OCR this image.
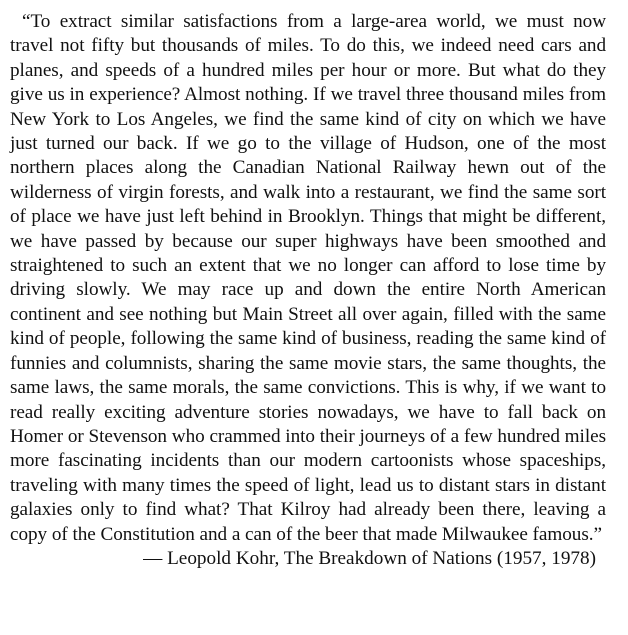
“To extract similar satisfactions from a large-area world, we must now travel not fifty but thousands of miles. To do this, we indeed need cars and planes, and speeds of a hundred miles per hour or more. But what do they give us in experience? Almost nothing. If we travel three thousand miles from New York to Los Angeles, we find the same kind of city on which we have just turned our back. If we go to the village of Hudson, one of the most northern places along the Canadian National Railway hewn out of the wilderness of virgin forests, and walk into a restaurant, we find the same sort of place we have just left behind in Brooklyn. Things that might be different, we have passed by because our super highways have been smoothed and straightened to such an extent that we no longer can afford to lose time by driving slowly. We may race up and down the entire North American continent and see nothing but Main Street all over again, filled with the same kind of people, following the same kind of business, reading the same kind of funnies and columnists, sharing the same movie stars, the same thoughts, the same laws, the same morals, the same convictions. This is why, if we want to read really exciting adventure stories nowadays, we have to fall back on Homer or Stevenson who crammed into their journeys of a few hundred miles more fascinating incidents than our modern cartoonists whose spaceships, traveling with many times the speed of light, lead us to distant stars in distant galaxies only to find what? That Kilroy had already been there, leaving a copy of the Constitution and a can of the beer that made Milwaukee famous.”

— Leopold Kohr, The Breakdown of Nations (1957, 1978)
